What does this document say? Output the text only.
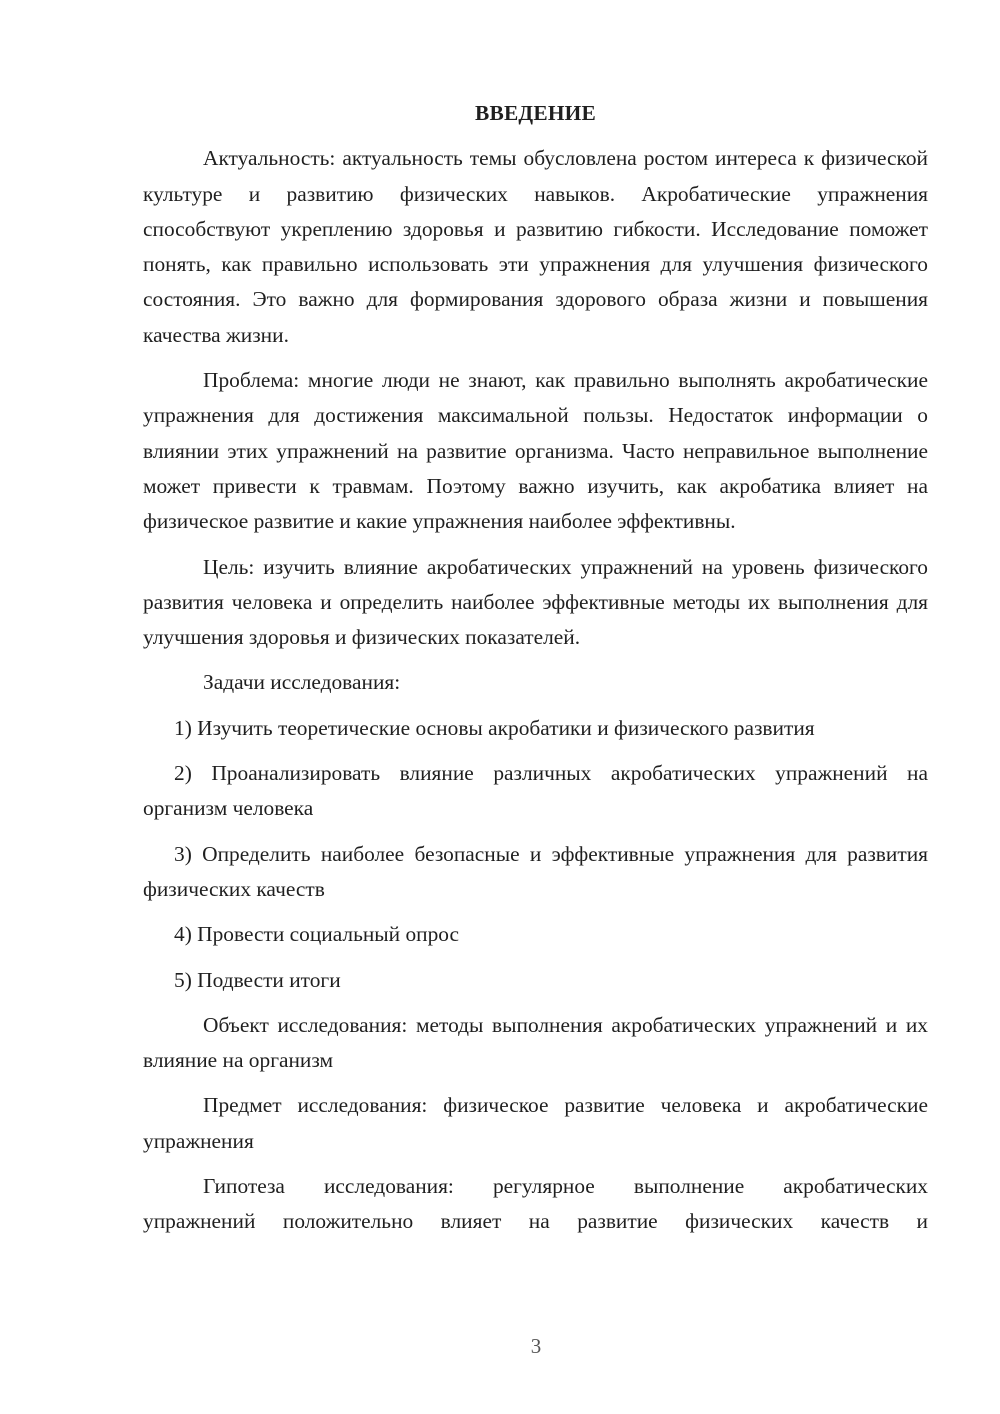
ВВЕДЕНИЕ

Актуальность: актуальность темы обусловлена ростом интереса к физической культуре и развитию физических навыков. Акробатические упражнения способствуют укреплению здоровья и развитию гибкости. Исследование поможет понять, как правильно использовать эти упражнения для улучшения физического состояния. Это важно для формирования здорового образа жизни и повышения качества жизни.

Проблема: многие люди не знают, как правильно выполнять акробатические упражнения для достижения максимальной пользы. Недостаток информации о влиянии этих упражнений на развитие организма. Часто неправильное выполнение может привести к травмам. Поэтому важно изучить, как акробатика влияет на физическое развитие и какие упражнения наиболее эффективны.

Цель: изучить влияние акробатических упражнений на уровень физического развития человека и определить наиболее эффективные методы их выполнения для улучшения здоровья и физических показателей.

Задачи исследования:

1) Изучить теоретические основы акробатики и физического развития

2) Проанализировать влияние различных акробатических упражнений на организм человека

3) Определить наиболее безопасные и эффективные упражнения для развития физических качеств

4) Провести социальный опрос

5) Подвести итоги

Объект исследования: методы выполнения акробатических упражнений и их влияние на организм

Предмет исследования: физическое развитие человека и акробатические упражнения

Гипотеза исследования: регулярное выполнение акробатических
упражнений положительно влияет на развитие физических качеств и

3
